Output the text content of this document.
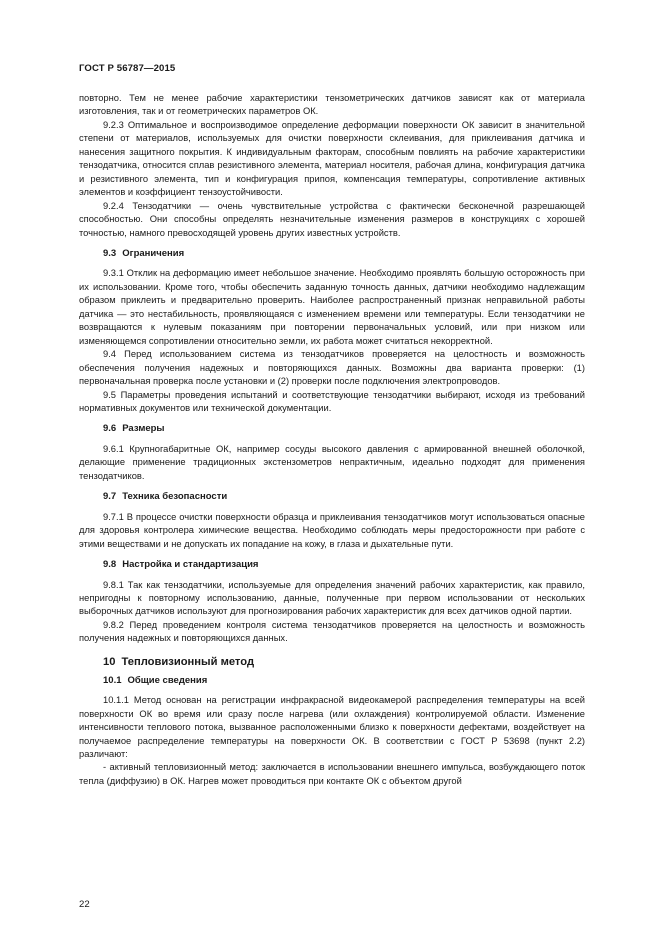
ГОСТ Р 56787—2015

повторно. Тем не менее рабочие характеристики тензометрических датчиков зависят как от материала изготовления, так и от геометрических параметров ОК.

9.2.3 Оптимальное и воспроизводимое определение деформации поверхности ОК зависит в значительной степени от материалов, используемых для очистки поверхности склеивания, для приклеивания датчика и нанесения защитного покрытия. К индивидуальным факторам, способным повлиять на рабочие характеристики тензодатчика, относится сплав резистивного элемента, материал носителя, рабочая длина, конфигурация датчика и резистивного элемента, тип и конфигурация припоя, компенсация температуры, сопротивление активных элементов и коэффициент тензоустойчивости.

9.2.4 Тензодатчики — очень чувствительные устройства с фактически бесконечной разрешающей способностью. Они способны определять незначительные изменения размеров в конструкциях с хорошей точностью, намного превосходящей уровень других известных устройств.

9.3 Ограничения

9.3.1 Отклик на деформацию имеет небольшое значение. Необходимо проявлять большую осторожность при их использовании. Кроме того, чтобы обеспечить заданную точность данных, датчики необходимо надлежащим образом приклеить и предварительно проверить. Наиболее распространенный признак неправильной работы датчика — это нестабильность, проявляющаяся с изменением времени или температуры. Если тензодатчики не возвращаются к нулевым показаниям при повторении первоначальных условий, или при низком или изменяющемся сопротивлении относительно земли, их работа может считаться некорректной.

9.4 Перед использованием система из тензодатчиков проверяется на целостность и возможность обеспечения получения надежных и повторяющихся данных. Возможны два варианта проверки: (1) первоначальная проверка после установки и (2) проверки после подключения электропроводов.

9.5 Параметры проведения испытаний и соответствующие тензодатчики выбирают, исходя из требований нормативных документов или технической документации.

9.6 Размеры

9.6.1 Крупногабаритные ОК, например сосуды высокого давления с армированной внешней оболочкой, делающие применение традиционных экстензометров непрактичным, идеально подходят для применения тензодатчиков.

9.7 Техника безопасности

9.7.1 В процессе очистки поверхности образца и приклеивания тензодатчиков могут использоваться опасные для здоровья контролера химические вещества. Необходимо соблюдать меры предосторожности при работе с этими веществами и не допускать их попадание на кожу, в глаза и дыхательные пути.

9.8 Настройка и стандартизация

9.8.1 Так как тензодатчики, используемые для определения значений рабочих характеристик, как правило, непригодны к повторному использованию, данные, полученные при первом использовании от нескольких выборочных датчиков используют для прогнозирования рабочих характеристик для всех датчиков одной партии.

9.8.2 Перед проведением контроля система тензодатчиков проверяется на целостность и возможность получения надежных и повторяющихся данных.

10 Тепловизионный метод
10.1 Общие сведения

10.1.1 Метод основан на регистрации инфракрасной видеокамерой распределения температуры на всей поверхности ОК во время или сразу после нагрева (или охлаждения) контролируемой области. Изменение интенсивности теплового потока, вызванное расположенными близко к поверхности дефектами, воздействует на получаемое распределение температуры на поверхности ОК. В соответствии с ГОСТ Р 53698 (пункт 2.2) различают:

- активный тепловизионный метод: заключается в использовании внешнего импульса, возбуждающего поток тепла (диффузию) в ОК. Нагрев может проводиться при контакте ОК с объектом другой

22
